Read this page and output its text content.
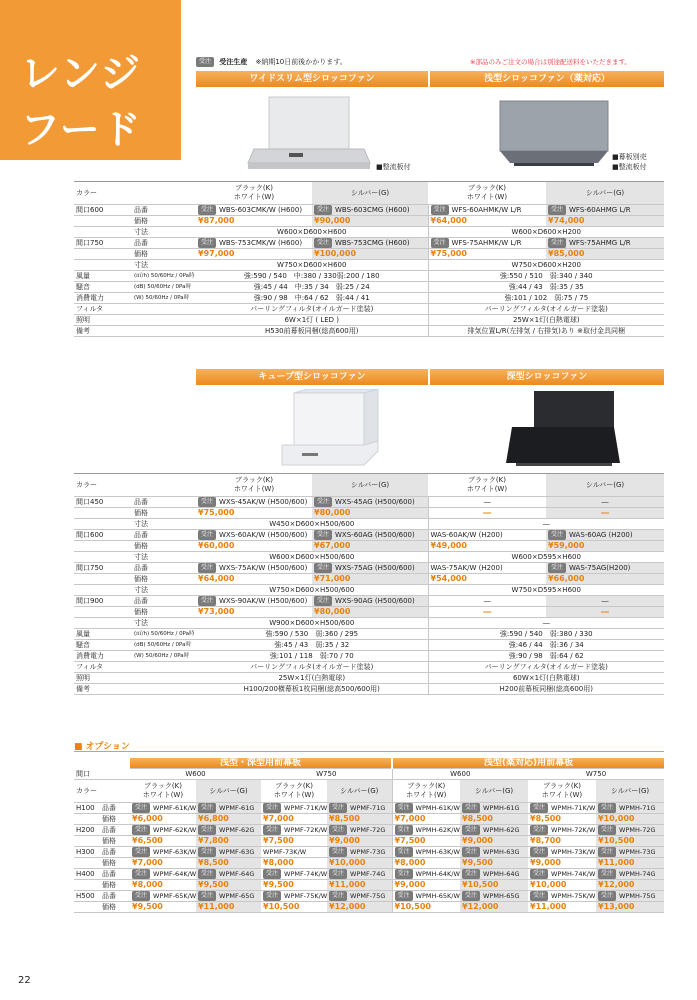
レンジ
フード
受注 受注生産 ※納期10日前後かかります。	※部品のみご注文の場合は別途配送料をいただきます。
ワイドスリム型シロッコファン	浅型シロッコファン（薬対応）
■整流板付
■幕板別売
■整流板付
カラー		ブラック(K)
ホワイト(W)	シルバー(G)	ブラック(K)
ホワイト(W)	シルバー(G)
間口600	品番	受注 WBS-603CMK/W (H600)	受注 WBS-603CMG (H600)	受注 WFS-60AHMK/W L/R	受注 WFS-60AHMG L/R
	価格	¥87,000	¥90,000	¥64,000	¥74,000
	寸法	W600×D600×H600		W600×D600×H200	
間口750	品番	受注 WBS-753CMK/W (H600)	受注 WBS-753CMG (H600)	受注 WFS-75AHMK/W L/R	受注 WFS-75AHMG L/R
	価格	¥97,000	¥100,000	¥75,000	¥85,000
	寸法	W750×D600×H600		W750×D600×H200	
風量	(㎥/h) 50/60Hz / 0Pa時	強:590 / 540　中:380 / 330弱:200 / 180		強:550 / 510　弱:340 / 340	
騒音	(dB) 50/60Hz / 0Pa時	強:45 / 44　中:35 / 34　弱:25 / 24		強:44 / 43　弱:35 / 35	
消費電力	(W) 50/60Hz / 0Pa時	強:90 / 98　中:64 / 62　弱:44 / 41		強:101 / 102　弱:75 / 75	
フィルタ		パーリングフィルタ(オイルガード塗装)		パーリングフィルタ(オイルガード塗装)	
照明		6W×1灯 ( LED )		25W×1灯(白熱電球)	
備考		H530前幕板同梱(総高600用)		排気位置L/R(左排気 / 右排気)あり ※取付金具同梱	
キューブ型シロッコファン	深型シロッコファン
カラー		ブラック(K)
ホワイト(W)	シルバー(G)	ブラック(K)
ホワイト(W)	シルバー(G)
間口450	品番	受注 WXS-45AK/W (H500/600)	受注 WXS-45AG (H500/600)	―	―
	価格	¥75,000	¥80,000	―	―
	寸法	W450×D600×H500/600		―	
間口600	品番	受注 WXS-60AK/W (H500/600)	受注 WXS-60AG (H500/600)	WAS-60AK/W (H200)	受注 WAS-60AG (H200)
	価格	¥60,000	¥67,000	¥49,000	¥59,000
	寸法	W600×D600×H500/600		W600×D595×H600	
間口750	品番	受注 WXS-75AK/W (H500/600)	受注 WXS-75AG (H500/600)	WAS-75AK/W (H200)	受注 WAS-75AG(H200)
	価格	¥64,000	¥71,000	¥54,000	¥66,000
	寸法	W750×D600×H500/600		W750×D595×H600	
間口900	品番	受注 WXS-90AK/W (H500/600)	受注 WXS-90AG (H500/600)	―	―
	価格	¥73,000	¥80,000	―	―
	寸法	W900×D600×H500/600		―	
風量	(㎥/h) 50/60Hz / 0Pa時	強:590 / 530　弱:360 / 295		強:590 / 540　弱:380 / 330	
騒音	(dB) 50/60Hz / 0Pa時	強:45 / 43　弱:35 / 32		強:46 / 44　弱:36 / 34	
消費電力	(W) 50/60Hz / 0Pa時	強:101 / 118　弱:70 / 70		強:90 / 98　弱:64 / 62	
フィルタ		パーリングフィルタ(オイルガード塗装)		パーリングフィルタ(オイルガード塗装)	
照明		25W×1灯(白熱電球)		60W×1灯(白熱電球)	
備考		H100/200横幕板1枚同梱(総高500/600用)		H200前幕板同梱(総高600用)	
■ オプション
		浅型・深型用前幕板				浅型(薬対応)用前幕板			
間口		W600		W750		W600		W750	
カラー		ブラック(K)
ホワイト(W)	シルバー(G)	ブラック(K)
ホワイト(W)	シルバー(G)	ブラック(K)
ホワイト(W)	シルバー(G)	ブラック(K)
ホワイト(W)	シルバー(G)
H100	品番	受注 WPMF-61K/W	受注 WPMF-61G	受注 WPMF-71K/W	受注 WPMF-71G	受注 WPMH-61K/W	受注 WPMH-61G	受注 WPMH-71K/W	受注 WPMH-71G
	価格	¥6,000	¥6,800	¥7,000	¥8,500	¥7,000	¥8,500	¥8,500	¥10,000
H200	品番	受注 WPMF-62K/W	受注 WPMF-62G	受注 WPMF-72K/W	受注 WPMF-72G	受注 WPMH-62K/W	受注 WPMH-62G	受注 WPMH-72K/W	受注 WPMH-72G
	価格	¥6,500	¥7,800	¥7,500	¥9,000	¥7,500	¥9,000	¥8,700	¥10,500
H300	品番	受注 WPMF-63K/W	受注 WPMF-63G	WPMF-73K/W	受注 WPMF-73G	受注 WPMH-63K/W	受注 WPMH-63G	受注 WPMH-73K/W	受注 WPMH-73G
	価格	¥7,000	¥8,500	¥8,000	¥10,000	¥8,000	¥9,500	¥9,000	¥11,000
H400	品番	受注 WPMF-64K/W	受注 WPMF-64G	受注 WPMF-74K/W	受注 WPMF-74G	受注 WPMH-64K/W	受注 WPMH-64G	受注 WPMH-74K/W	受注 WPMH-74G
	価格	¥8,000	¥9,500	¥9,500	¥11,000	¥9,000	¥10,500	¥10,000	¥12,000
H500	品番	受注 WPMF-65K/W	受注 WPMF-65G	受注 WPMF-75K/W	受注 WPMF-75G	受注 WPMH-65K/W	受注 WPMH-65G	受注 WPMH-75K/W	受注 WPMH-75G
	価格	¥9,500	¥11,000	¥10,500	¥12,000	¥10,500	¥12,000	¥11,000	¥13,000
22
